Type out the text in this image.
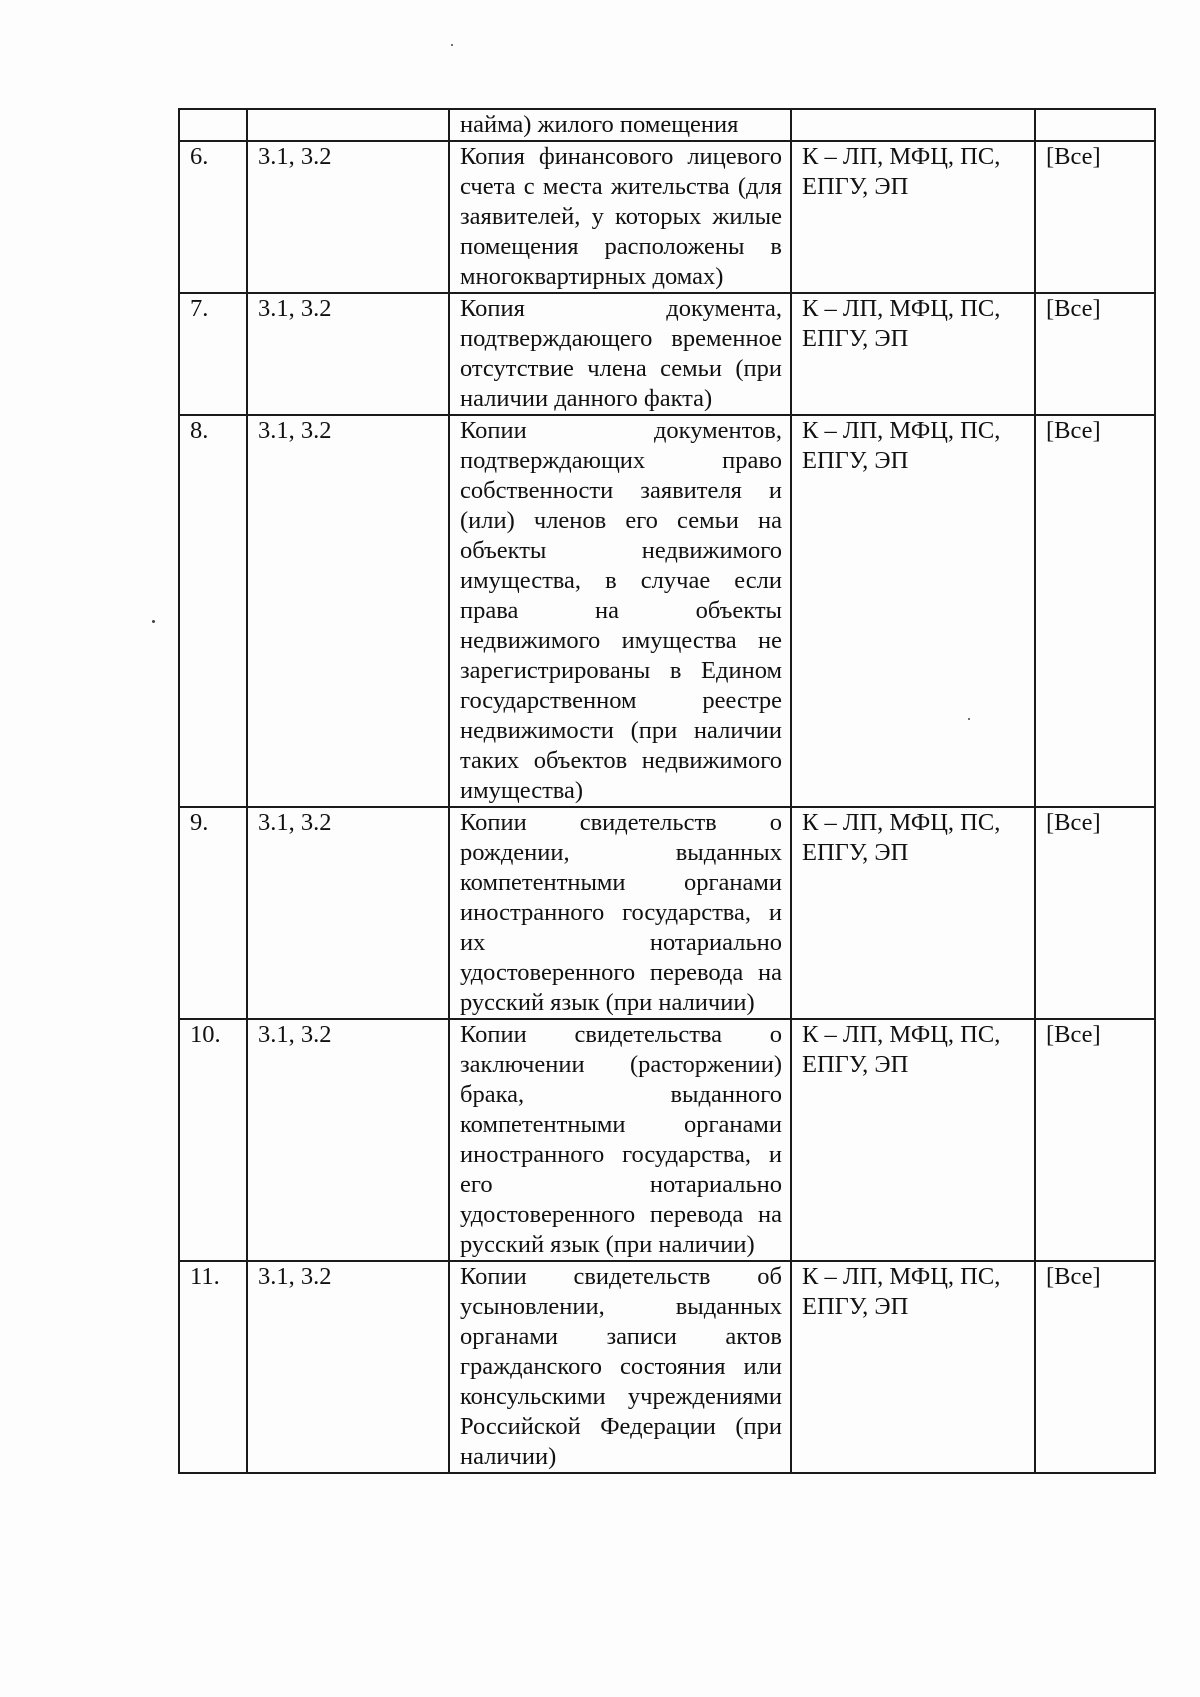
		найма) жилого помещения		
6.	3.1, 3.2	Копия финансового лицевого счета с места жительства (для заявителей, у которых жилые помещения расположены в многоквартирных домах)	К – ЛП, МФЦ, ПС, ЕПГУ, ЭП	[Все]
7.	3.1, 3.2	Копия документа, подтверждающего временное отсутствие члена семьи (при наличии данного факта)	К – ЛП, МФЦ, ПС, ЕПГУ, ЭП	[Все]
8.	3.1, 3.2	Копии документов, подтверждающих право собственности заявителя и (или) членов его семьи на объекты недвижимого имущества, в случае если права на объекты недвижимого имущества не зарегистрированы в Едином государственном реестре недвижимости (при наличии таких объектов недвижимого имущества)	К – ЛП, МФЦ, ПС, ЕПГУ, ЭП	[Все]
9.	3.1, 3.2	Копии свидетельств о рождении, выданных компетентными органами иностранного государства, и их нотариально удостоверенного перевода на русский язык (при наличии)	К – ЛП, МФЦ, ПС, ЕПГУ, ЭП	[Все]
10.	3.1, 3.2	Копии свидетельства о заключении (расторжении) брака, выданного компетентными органами иностранного государства, и его нотариально удостоверенного перевода на русский язык (при наличии)	К – ЛП, МФЦ, ПС, ЕПГУ, ЭП	[Все]
11.	3.1, 3.2	Копии свидетельств об усыновлении, выданных органами записи актов гражданского состояния или консульскими учреждениями Российской Федерации (при наличии)	К – ЛП, МФЦ, ПС, ЕПГУ, ЭП	[Все]
